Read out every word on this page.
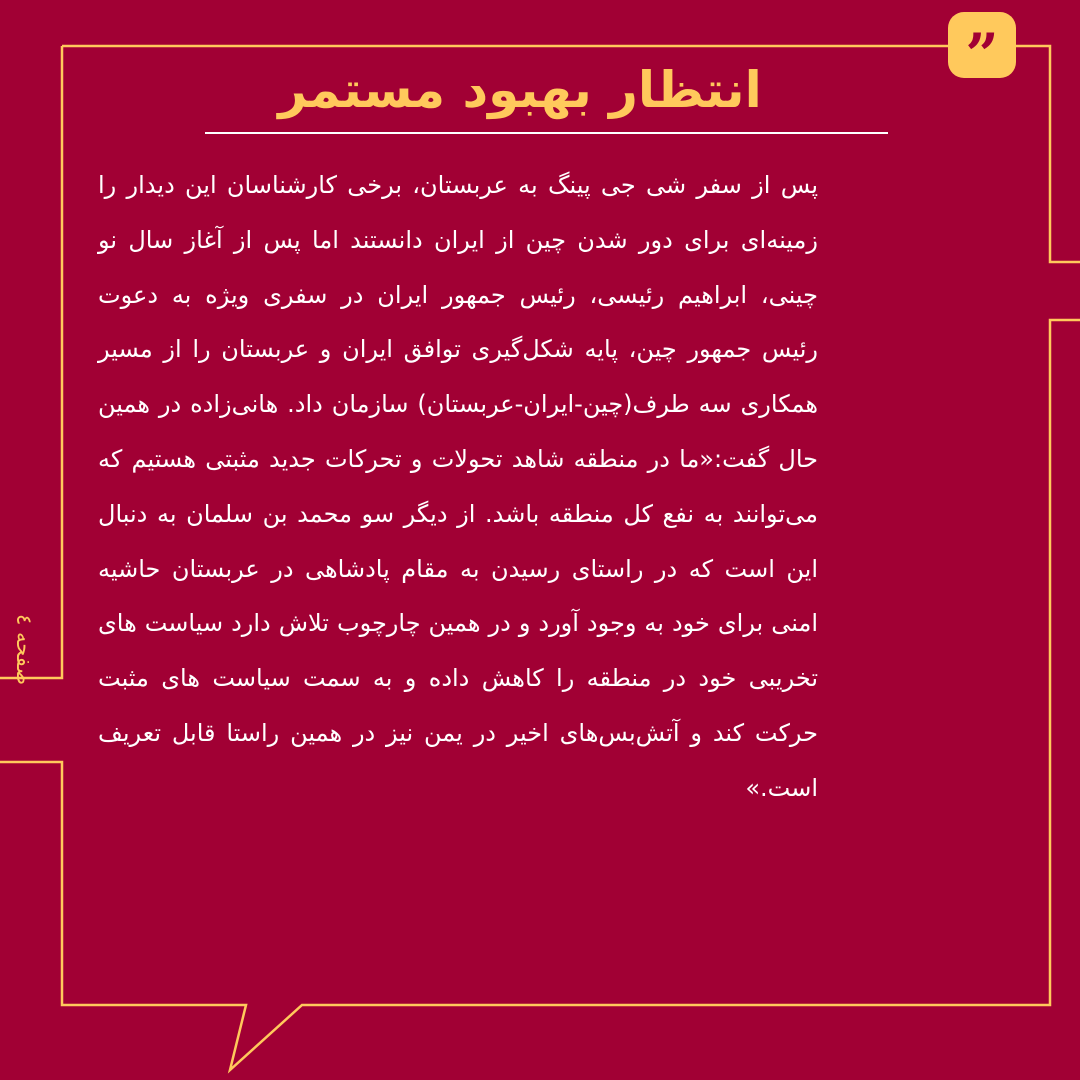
”
انتظار بهبود مستمر

پس از سفر شی جی پینگ به عربستان، برخی کارشناسان این دیدار را زمینه‌ای برای دور شدن چین از ایران دانستند اما پس از آغاز سال نو چینی، ابراهیم رئیسی، رئیس جمهور ایران در سفری ویژه به دعوت رئیس جمهور چین، پایه شکل‌گیری توافق ایران و عربستان را از مسیر همکاری سه طرف(چین-ایران-عربستان) سازمان داد. هانی‌زاده در همین حال گفت:«ما در منطقه شاهد تحولات و تحرکات جدید مثبتی هستیم که می‌توانند به نفع کل منطقه باشد. از دیگر سو محمد بن سلمان به دنبال این است که در راستای رسیدن به مقام پادشاهی در عربستان حاشیه امنی برای خود به وجود آورد و در همین چارچوب تلاش دارد سیاست های تخریبی خود در منطقه را کاهش داده و به سمت سیاست های مثبت حرکت کند و آتش‌بس‌های اخیر در یمن نیز در همین راستا قابل تعریف است.»

صفحه ٤
